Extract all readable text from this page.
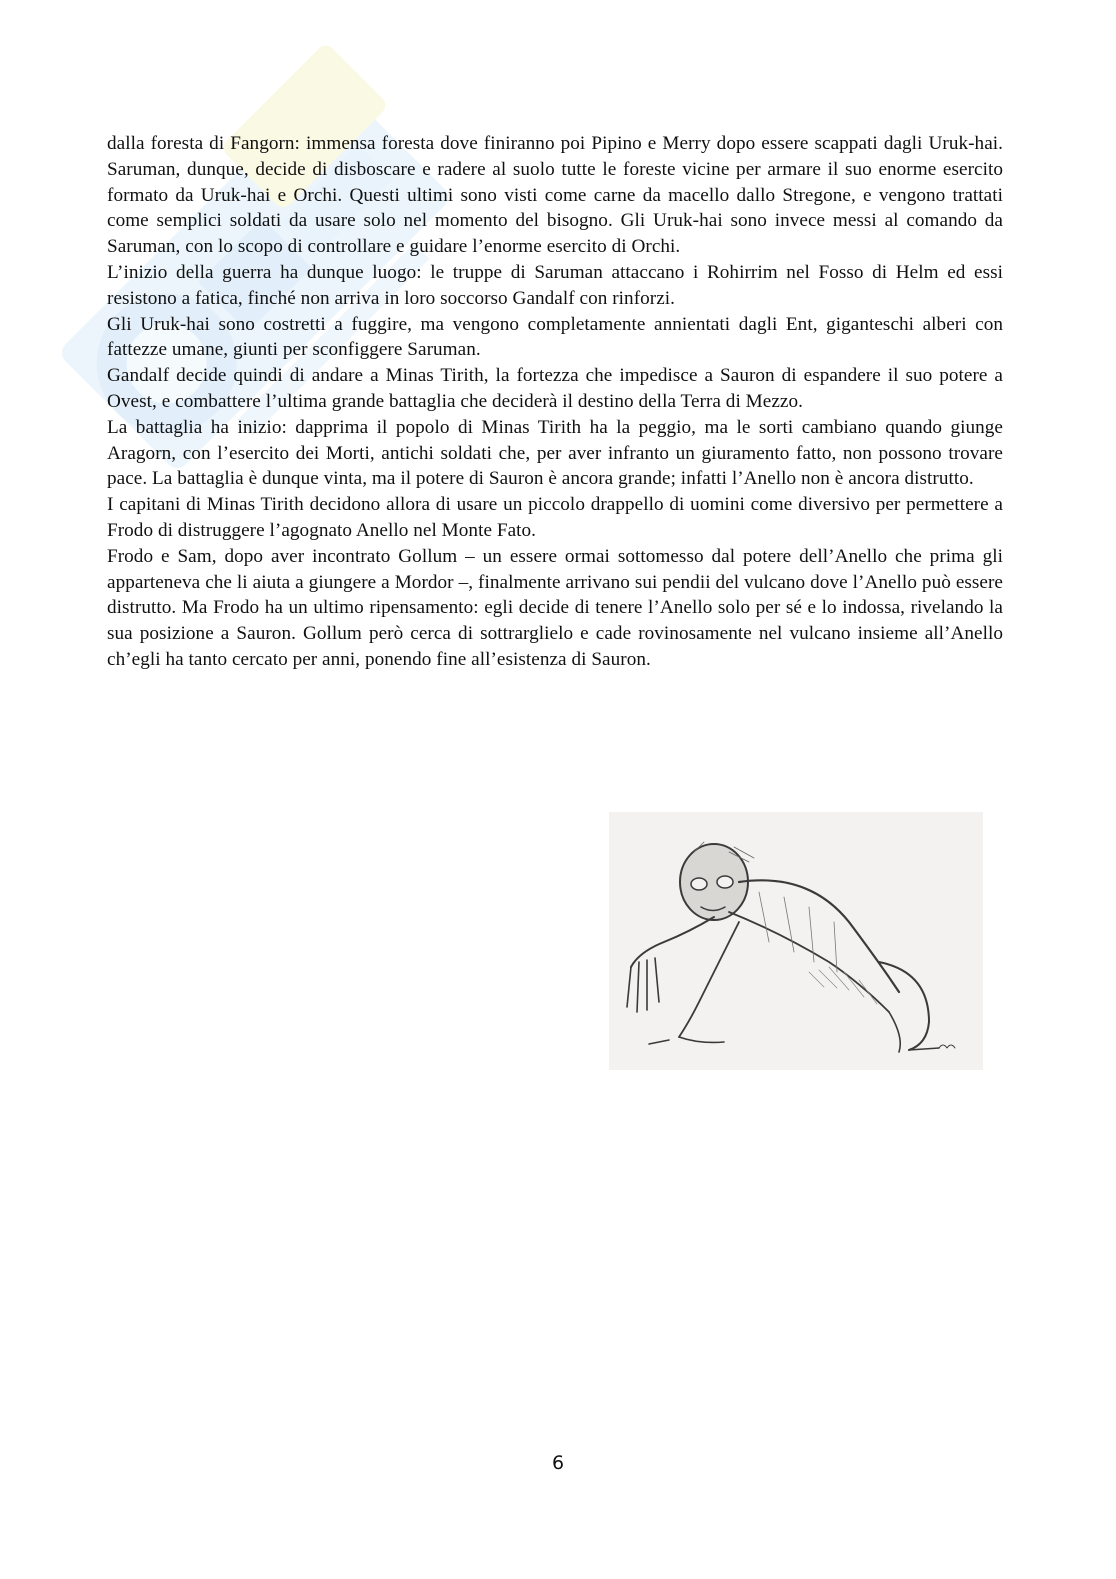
dalla foresta di Fangorn: immensa foresta dove finiranno poi Pipino e Merry dopo essere scappati dagli Uruk-hai. Saruman, dunque, decide di disboscare e radere al suolo tutte le foreste vicine per armare il suo enorme esercito formato da Uruk-hai e Orchi. Questi ultimi sono visti come carne da macello dallo Stregone, e vengono trattati come semplici soldati da usare solo nel momento del bisogno. Gli Uruk-hai sono invece messi al comando da Saruman, con lo scopo di controllare e guidare l’enorme esercito di Orchi.

L’inizio della guerra ha dunque luogo: le truppe di Saruman attaccano i Rohirrim nel Fosso di Helm ed essi resistono a fatica, finché non arriva in loro soccorso Gandalf con rinforzi.

Gli Uruk-hai sono costretti a fuggire, ma vengono completamente annientati dagli Ent, giganteschi alberi con fattezze umane, giunti per sconfiggere Saruman.

Gandalf decide quindi di andare a Minas Tirith, la fortezza che impedisce a Sauron di espandere il suo potere a Ovest, e combattere l’ultima grande battaglia che deciderà il destino della Terra di Mezzo.

La battaglia ha inizio: dapprima il popolo di Minas Tirith ha la peggio, ma le sorti cambiano quando giunge Aragorn, con l’esercito dei Morti, antichi soldati che, per aver infranto un giuramento fatto, non possono trovare pace. La battaglia è dunque vinta, ma il potere di Sauron è ancora grande; infatti l’Anello non è ancora distrutto.

I capitani di Minas Tirith decidono allora di usare un piccolo drappello di uomini come diversivo per permettere a Frodo di distruggere l’agognato Anello nel Monte Fato.

Frodo e Sam, dopo aver incontrato Gollum – un essere ormai sottomesso dal potere dell’Anello che prima gli apparteneva che li aiuta a giungere a Mordor –, finalmente arrivano sui pendii del vulcano dove l’Anello può essere distrutto. Ma Frodo ha un ultimo ripensamento: egli decide di tenere l’Anello solo per sé e lo indossa, rivelando la sua posizione a Sauron. Gollum però cerca di sottrarglielo e cade rovinosamente nel vulcano insieme all’Anello ch’egli ha tanto cercato per anni, ponendo fine all’esistenza di Sauron.

6
